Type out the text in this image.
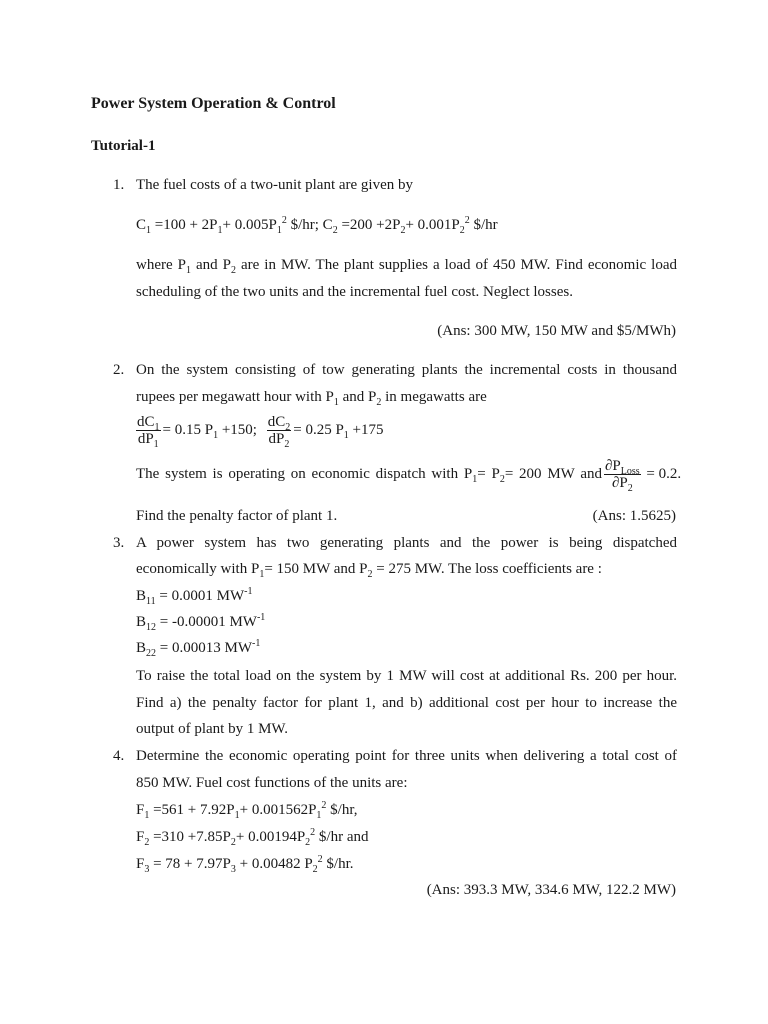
Power System Operation & Control
Tutorial-1
1. The fuel costs of a two-unit plant are given by
$C_1 =100 + 2P_1+ 0.005P_1^2$ $/hr; $C_2 =200 +2P_2+ 0.001P_2^2$ $/hr
where $P_1$ and $P_2$ are in MW. The plant supplies a load of 450 MW. Find economic load
scheduling of the two units and the incremental fuel cost. Neglect losses.
(Ans: 300 MW, 150 MW and $5/MWh)
2. On the system consisting of tow generating plants the incremental costs in thousand
rupees per megawatt hour with $P_1$ and $P_2$ in megawatts are
$\frac{dC_1}{dP_1} = 0.15$ $P_1 +150$; $\frac{dC_2}{dP_2} = 0.25$ $P_1 +175$
The system is operating on economic dispatch with $P_1= P_2= 200$ MW and $\frac{\partial P_{Loss}}{\partial P_2} = 0.2$.
Find the penalty factor of plant 1.	(Ans: 1.5625)
3. A power system has two generating plants and the power is being dispatched
economically with $P_1= 150$ MW and $P_2 = 275$ MW. The loss coefficients are :
$B_{11} = 0.0001$ $MW^{-1}$
$B_{12} = -0.00001$ $MW^{-1}$
$B_{22} = 0.00013$ $MW^{-1}$
To raise the total load on the system by 1 MW will cost at additional Rs. 200 per hour.
Find a) the penalty factor for plant 1, and b) additional cost per hour to increase the
output of plant by 1 MW.
4. Determine the economic operating point for three units when delivering a total cost of
850 MW. Fuel cost functions of the units are:
$F_1 =561 + 7.92P_1+ 0.001562P_1^2$ $/hr,
$F_2 =310 +7.85P_2+ 0.00194P_2^2$ $/hr and
$F_3 = 78 + 7.97P_3 + 0.00482$ $P_2^2$ $/hr.
(Ans: 393.3 MW, 334.6 MW, 122.2 MW)
